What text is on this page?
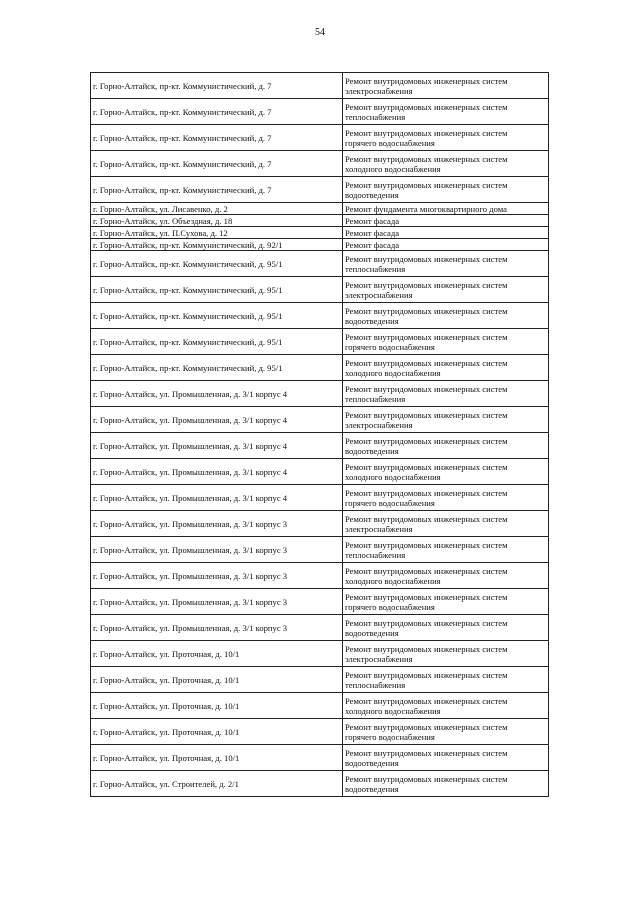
54
г. Горно-Алтайск, пр-кт. Коммунистический, д. 7	Ремонт внутридомовых инженерных систем
электроснабжения

г. Горно-Алтайск, пр-кт. Коммунистический, д. 7	Ремонт внутридомовых инженерных систем
теплоснабжения

г. Горно-Алтайск, пр-кт. Коммунистический, д. 7	Ремонт внутридомовых инженерных систем
горячего водоснабжения

г. Горно-Алтайск, пр-кт. Коммунистический, д. 7	Ремонт внутридомовых инженерных систем
холодного водоснабжения

г. Горно-Алтайск, пр-кт. Коммунистический, д. 7	Ремонт внутридомовых инженерных систем
водоотведения

г. Горно-Алтайск, ул. Лисавенко, д. 2	Ремонт фундамента многоквартирного дома

г. Горно-Алтайск, ул. Объездная, д. 18	Ремонт фасада

г. Горно-Алтайск, ул. П.Сухова, д. 12	Ремонт фасада

г. Горно-Алтайск, пр-кт. Коммунистический, д. 92/1	Ремонт фасада

г. Горно-Алтайск, пр-кт. Коммунистический, д. 95/1	Ремонт внутридомовых инженерных систем
теплоснабжения

г. Горно-Алтайск, пр-кт. Коммунистический, д. 95/1	Ремонт внутридомовых инженерных систем
электроснабжения

г. Горно-Алтайск, пр-кт. Коммунистический, д. 95/1	Ремонт внутридомовых инженерных систем
водоотведения

г. Горно-Алтайск, пр-кт. Коммунистический, д. 95/1	Ремонт внутридомовых инженерных систем
горячего водоснабжения

г. Горно-Алтайск, пр-кт. Коммунистический, д. 95/1	Ремонт внутридомовых инженерных систем
холодного водоснабжения

г. Горно-Алтайск, ул. Промышленная, д. 3/1 корпус 4	Ремонт внутридомовых инженерных систем
теплоснабжения

г. Горно-Алтайск, ул. Промышленная, д. 3/1 корпус 4	Ремонт внутридомовых инженерных систем
электроснабжения

г. Горно-Алтайск, ул. Промышленная, д. 3/1 корпус 4	Ремонт внутридомовых инженерных систем
водоотведения

г. Горно-Алтайск, ул. Промышленная, д. 3/1 корпус 4	Ремонт внутридомовых инженерных систем
холодного водоснабжения

г. Горно-Алтайск, ул. Промышленная, д. 3/1 корпус 4	Ремонт внутридомовых инженерных систем
горячего водоснабжения

г. Горно-Алтайск, ул. Промышленная, д. 3/1 корпус 3	Ремонт внутридомовых инженерных систем
электроснабжения

г. Горно-Алтайск, ул. Промышленная, д. 3/1 корпус 3	Ремонт внутридомовых инженерных систем
теплоснабжения

г. Горно-Алтайск, ул. Промышленная, д. 3/1 корпус 3	Ремонт внутридомовых инженерных систем
холодного водоснабжения

г. Горно-Алтайск, ул. Промышленная, д. 3/1 корпус 3	Ремонт внутридомовых инженерных систем
горячего водоснабжения

г. Горно-Алтайск, ул. Промышленная, д. 3/1 корпус 3	Ремонт внутридомовых инженерных систем
водоотведения

г. Горно-Алтайск, ул. Проточная, д. 10/1	Ремонт внутридомовых инженерных систем
электроснабжения

г. Горно-Алтайск, ул. Проточная, д. 10/1	Ремонт внутридомовых инженерных систем
теплоснабжения

г. Горно-Алтайск, ул. Проточная, д. 10/1	Ремонт внутридомовых инженерных систем
холодного водоснабжения

г. Горно-Алтайск, ул. Проточная, д. 10/1	Ремонт внутридомовых инженерных систем
горячего водоснабжения

г. Горно-Алтайск, ул. Проточная, д. 10/1	Ремонт внутридомовых инженерных систем
водоотведения

г. Горно-Алтайск, ул. Строителей, д. 2/1	Ремонт внутридомовых инженерных систем
водоотведения
